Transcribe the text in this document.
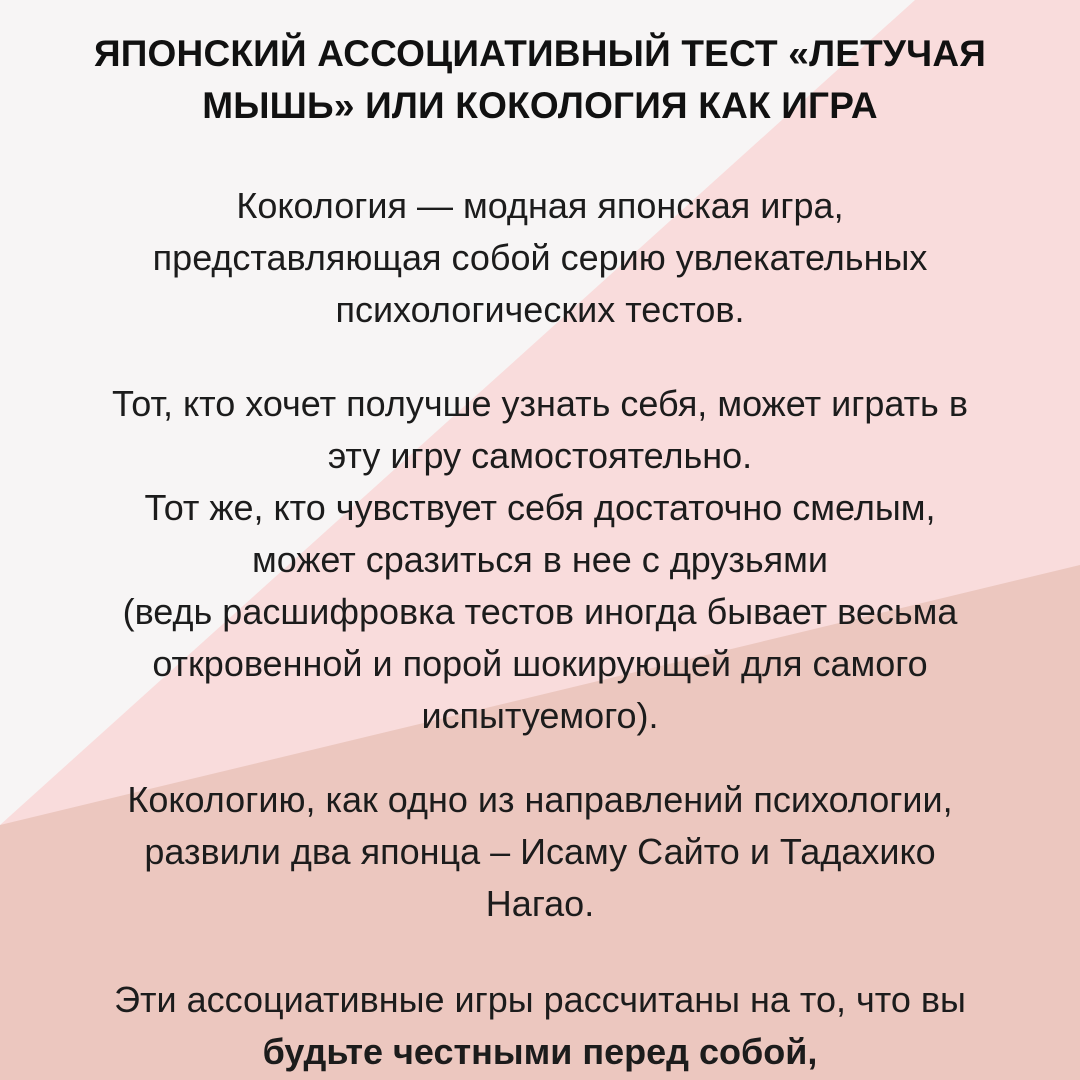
ЯПОНСКИЙ АССОЦИАТИВНЫЙ ТЕСТ «ЛЕТУЧАЯ
МЫШЬ» ИЛИ КОКОЛОГИЯ КАК ИГРА

Кокология — модная японская игра,
представляющая собой серию увлекательных
психологических тестов.

Тот, кто хочет получше узнать себя, может играть в
эту игру самостоятельно.
Тот же, кто чувствует себя достаточно смелым,
может сразиться в нее с друзьями
(ведь расшифровка тестов иногда бывает весьма
откровенной и порой шокирующей для самого
испытуемого).

Кокологию, как одно из направлений психологии,
развили два японца – Исаму Сайто и Тадахико
Нагао.

Эти ассоциативные игры рассчитаны на то, что вы
будьте честными перед собой,
